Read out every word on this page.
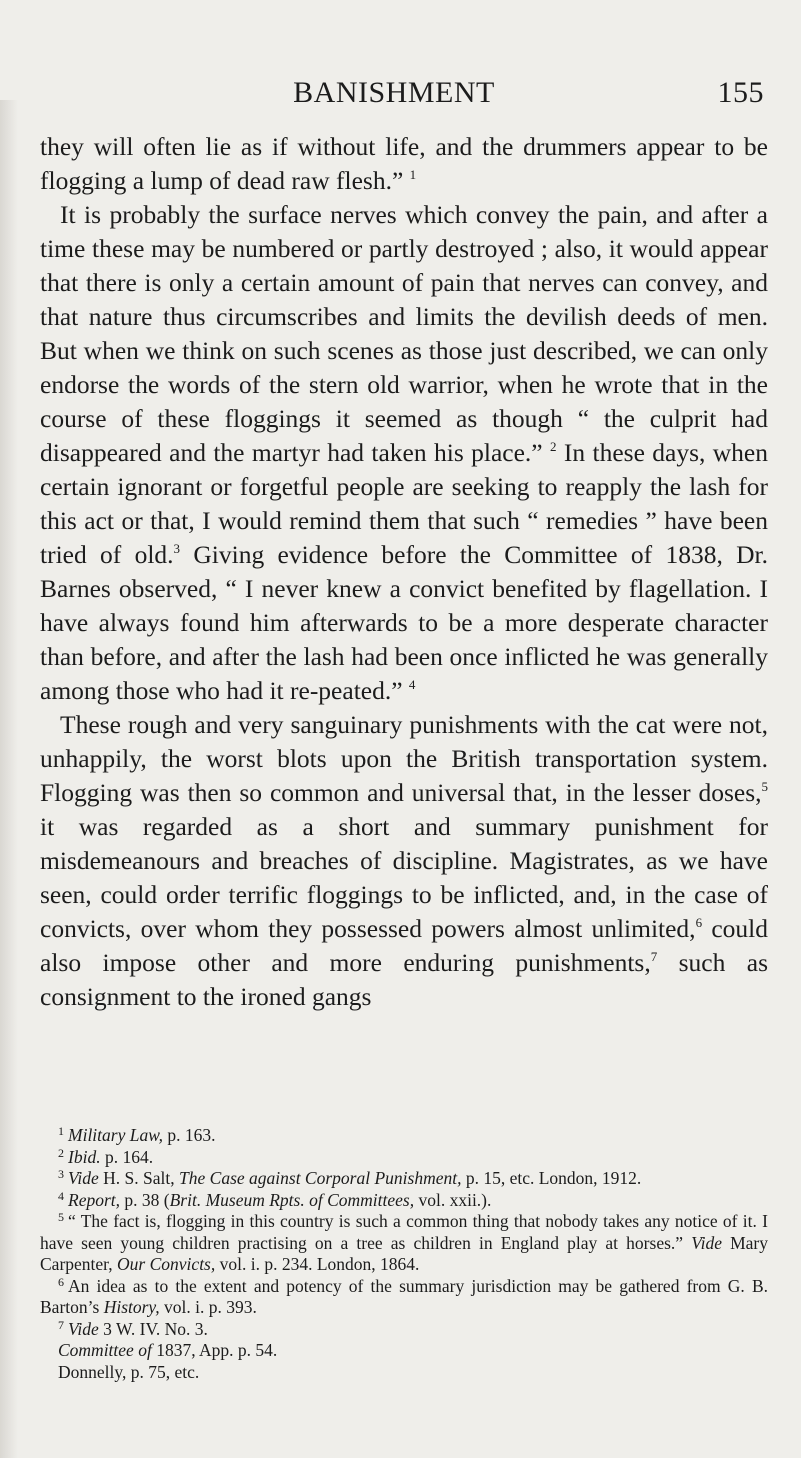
BANISHMENT	155

they will often lie as if without life, and the drummers appear to be flogging a lump of dead raw flesh.” $^1$

It is probably the surface nerves which convey the pain, and after a time these may be numbered or partly destroyed ; also, it would appear that there is only a certain amount of pain that nerves can convey, and that nature thus circumscribes and limits the devilish deeds of men. But when we think on such scenes as those just described, we can only endorse the words of the stern old warrior, when he wrote that in the course of these floggings it seemed as though “ the culprit had disappeared and the martyr had taken his place.” $^2$ In these days, when certain ignorant or forgetful people are seeking to reapply the lash for this act or that, I would remind them that such “ remedies ” have been tried of old.$^3$ Giving evidence before the Committee of 1838, Dr. Barnes observed, “ I never knew a convict benefited by flagellation. I have always found him afterwards to be a more desperate character than before, and after the lash had been once inflicted he was generally among those who had it re-peated.” $^4$

These rough and very sanguinary punishments with the cat were not, unhappily, the worst blots upon the British transportation system. Flogging was then so common and universal that, in the lesser doses,$^5$ it was regarded as a short and summary punishment for misdemeanours and breaches of discipline. Magistrates, as we have seen, could order terrific floggings to be inflicted, and, in the case of convicts, over whom they possessed powers almost unlimited,$^6$ could also impose other and more enduring punishments,$^7$ such as consignment to the ironed gangs

$^1$ Military Law, p. 163.

$^2$ Ibid. p. 164.

$^3$ Vide H. S. Salt, The Case against Corporal Punishment, p. 15, etc. London, 1912.

$^4$ Report, p. 38 (Brit. Museum Rpts. of Committees, vol. xxii.).

$^5$ “ The fact is, flogging in this country is such a common thing that nobody takes any notice of it. I have seen young children practising on a tree as children in England play at horses.” Vide Mary Carpenter, Our Convicts, vol. i. p. 234. London, 1864.

$^6$ An idea as to the extent and potency of the summary jurisdiction may be gathered from G. B. Barton’s History, vol. i. p. 393.

$^7$ Vide 3 W. IV. No. 3.

Committee of 1837, App. p. 54.

Donnelly, p. 75, etc.
